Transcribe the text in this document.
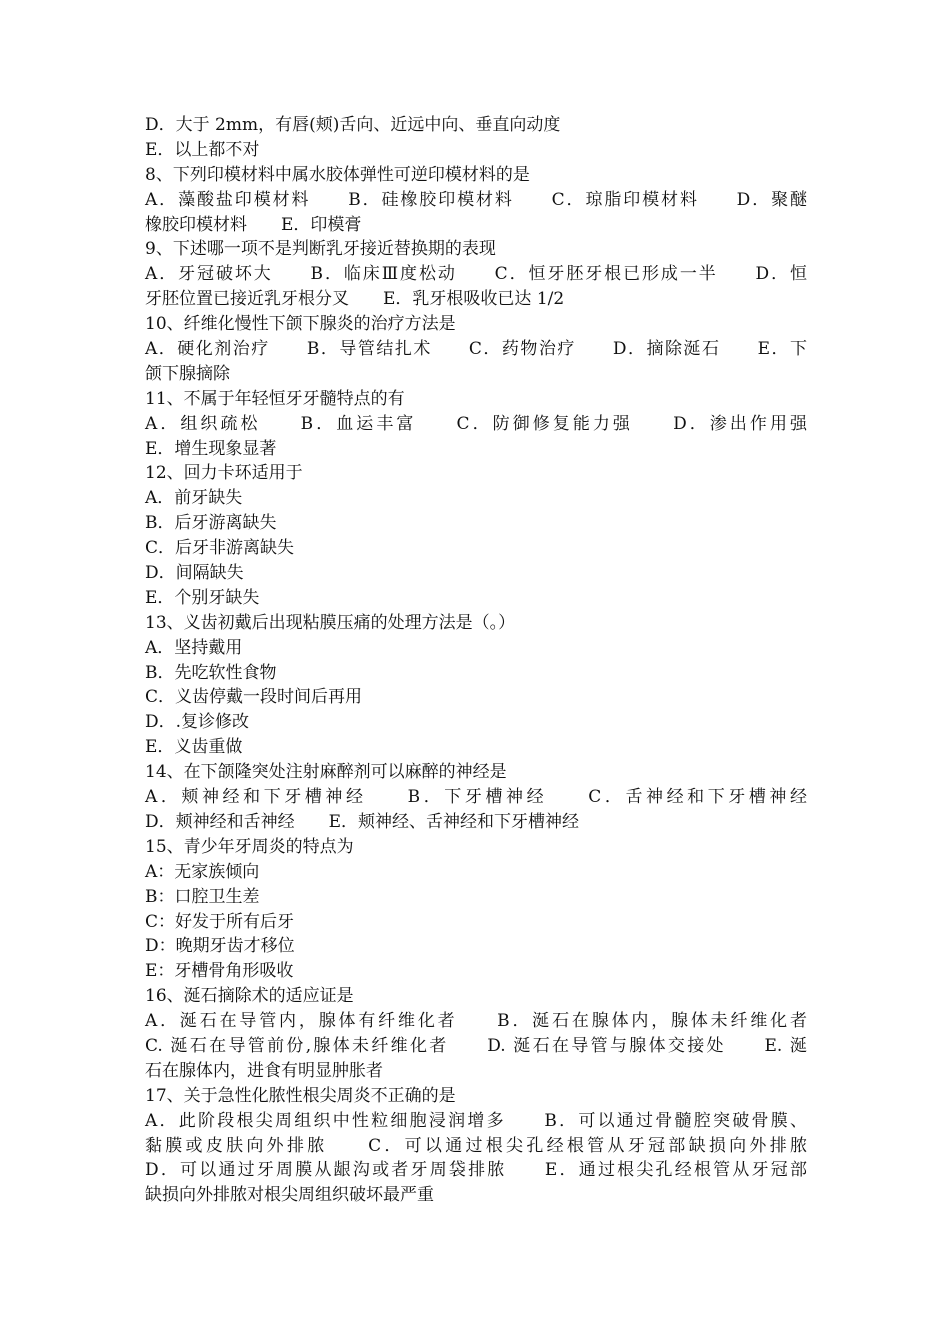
D．大于 2mm，有唇(颊)舌向、近远中向、垂直向动度
E．以上都不对
8、下列印模材料中属水胶体弹性可逆印模材料的是
A．藻酸盐印模材料　　B．硅橡胶印模材料　　C．琼脂印模材料　　D．聚醚
橡胶印模材料　　E．印模膏
9、下述哪一项不是判断乳牙接近替换期的表现
A．牙冠破坏大　　B．临床Ⅲ度松动　　C．恒牙胚牙根已形成一半　　D．恒
牙胚位置已接近乳牙根分叉　　E．乳牙根吸收已达 1/2
10、纤维化慢性下颌下腺炎的治疗方法是
A．硬化剂治疗　　B．导管结扎术　　C．药物治疗　　D．摘除涎石　　E．下
颌下腺摘除
11、不属于年轻恒牙牙髓特点的有
A．组织疏松　　B．血运丰富　　C．防御修复能力强　　D．渗出作用强
E．增生现象显著
12、回力卡环适用于
A．前牙缺失
B．后牙游离缺失
C．后牙非游离缺失
D．间隔缺失
E．个别牙缺失
13、义齿初戴后出现粘膜压痛的处理方法是（。）
A．坚持戴用
B．先吃软性食物
C．义齿停戴一段时间后再用
D．.复诊修改
E．义齿重做
14、在下颌隆突处注射麻醉剂可以麻醉的神经是
A．颊神经和下牙槽神经　　B．下牙槽神经　　C．舌神经和下牙槽神经
D．颊神经和舌神经　　E．颊神经、舌神经和下牙槽神经
15、青少年牙周炎的特点为
A：无家族倾向
B：口腔卫生差
C：好发于所有后牙
D：晚期牙齿才移位
E：牙槽骨角形吸收
16、涎石摘除术的适应证是
A．涎石在导管内，腺体有纤维化者　　B．涎石在腺体内，腺体未纤维化者
C. 涎石在导管前份,腺体未纤维化者　　D. 涎石在导管与腺体交接处　　E. 涎
石在腺体内，进食有明显肿胀者
17、关于急性化脓性根尖周炎不正确的是
A．此阶段根尖周组织中性粒细胞浸润增多　　B．可以通过骨髓腔突破骨膜、
黏膜或皮肤向外排脓　　C．可以通过根尖孔经根管从牙冠部缺损向外排脓
D．可以通过牙周膜从龈沟或者牙周袋排脓　　E．通过根尖孔经根管从牙冠部
缺损向外排脓对根尖周组织破坏最严重
